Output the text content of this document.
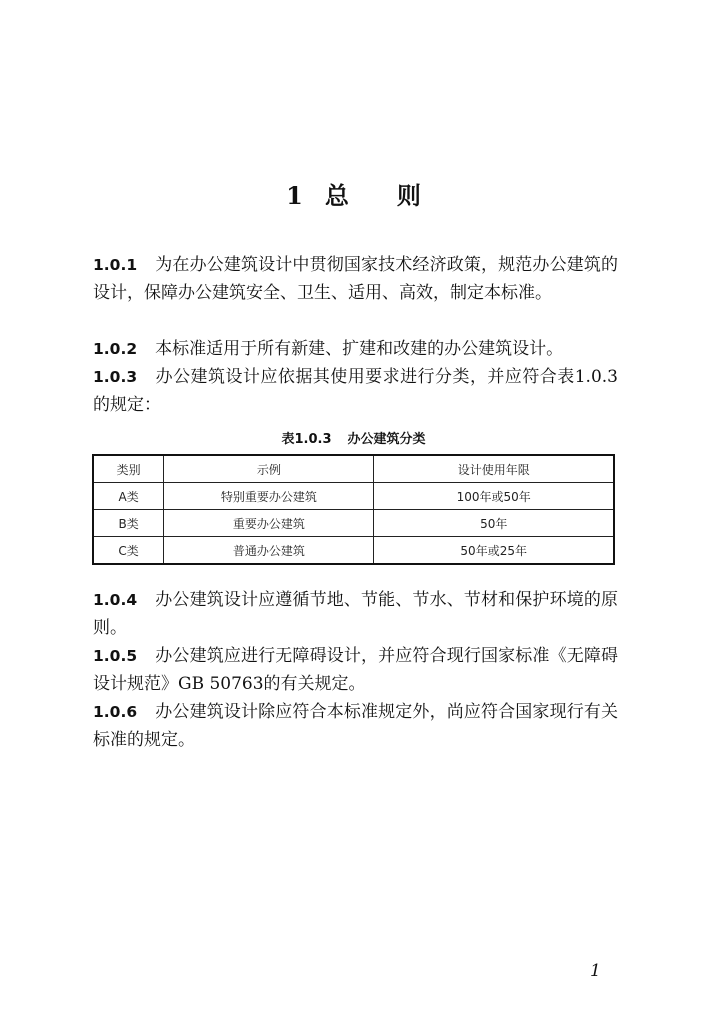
1 总 则
1.0.1 为在办公建筑设计中贯彻国家技术经济政策，规范办公建筑的设计，保障办公建筑安全、卫生、适用、高效，制定本标准。
1.0.2 本标准适用于所有新建、扩建和改建的办公建筑设计。
1.0.3 办公建筑设计应依据其使用要求进行分类，并应符合表1.0.3的规定：
表1.0.3 办公建筑分类
类别	示例	设计使用年限
A类	特别重要办公建筑	100年或50年
B类	重要办公建筑	50年
C类	普通办公建筑	50年或25年
1.0.4 办公建筑设计应遵循节地、节能、节水、节材和保护环境的原则。
1.0.5 办公建筑应进行无障碍设计，并应符合现行国家标准《无障碍设计规范》GB 50763的有关规定。
1.0.6 办公建筑设计除应符合本标准规定外，尚应符合国家现行有关标准的规定。
1
